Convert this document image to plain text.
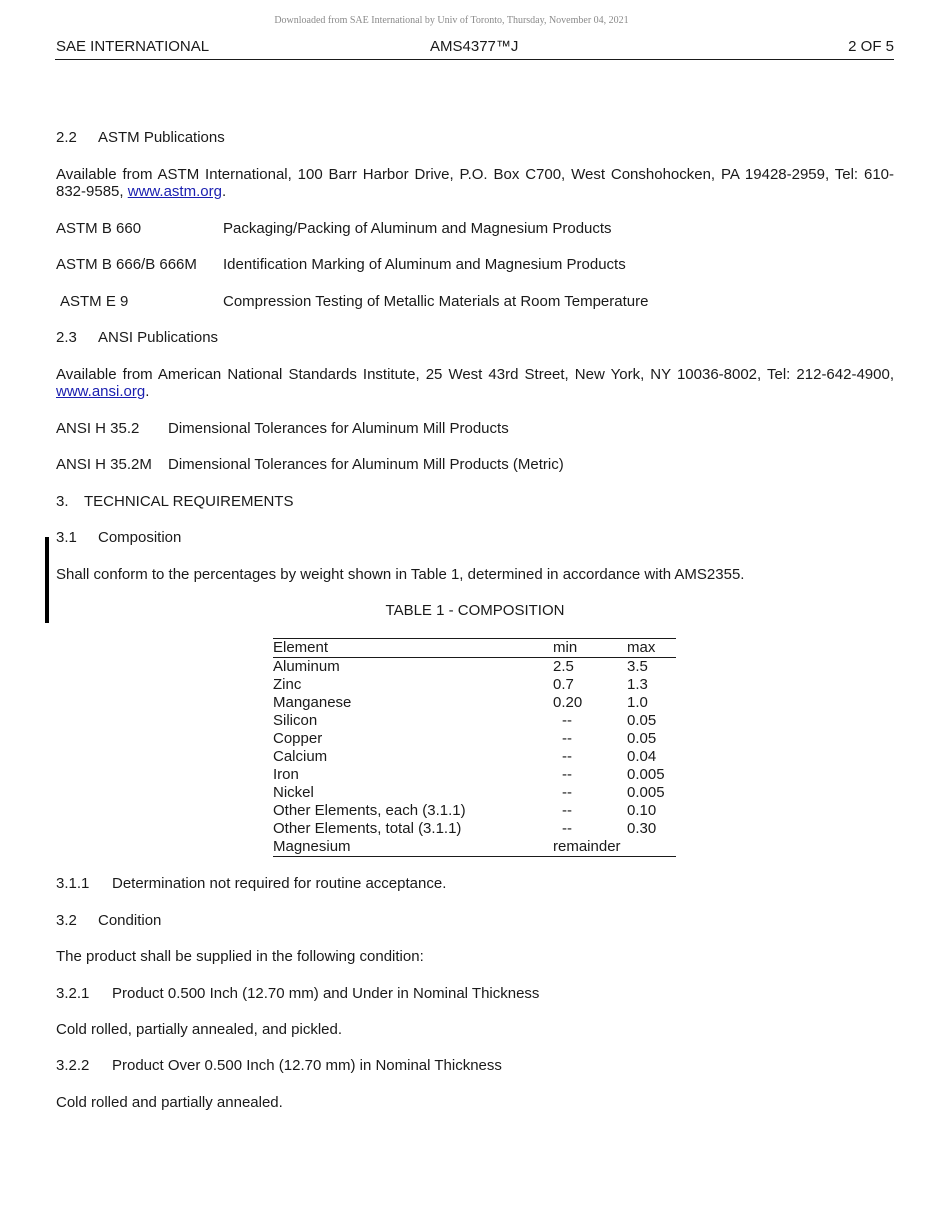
Downloaded from SAE International by Univ of Toronto, Thursday, November 04, 2021
SAE INTERNATIONAL	AMS4377™J	2 OF 5
2.2 ASTM Publications
Available from ASTM International, 100 Barr Harbor Drive, P.O. Box C700, West Conshohocken, PA 19428-2959, Tel: 610-832-9585, www.astm.org.
ASTM B 660	Packaging/Packing of Aluminum and Magnesium Products
ASTM B 666/B 666M Identification Marking of Aluminum and Magnesium Products
ASTM E 9	Compression Testing of Metallic Materials at Room Temperature
2.3 ANSI Publications
Available from American National Standards Institute, 25 West 43rd Street, New York, NY 10036-8002, Tel: 212-642-4900, www.ansi.org.
ANSI H 35.2 Dimensional Tolerances for Aluminum Mill Products
ANSI H 35.2M Dimensional Tolerances for Aluminum Mill Products (Metric)
3. TECHNICAL REQUIREMENTS
3.1 Composition
Shall conform to the percentages by weight shown in Table 1, determined in accordance with AMS2355.
TABLE 1 - COMPOSITION
Element	min	max
Aluminum	2.5	3.5
Zinc	0.7	1.3
Manganese	0.20	1.0
Silicon	--	0.05
Copper	--	0.05
Calcium	--	0.04
Iron	--	0.005
Nickel	--	0.005
Other Elements, each (3.1.1)	--	0.10
Other Elements, total (3.1.1)	--	0.30
Magnesium	remainder	
3.1.1 Determination not required for routine acceptance.
3.2 Condition
The product shall be supplied in the following condition:
3.2.1 Product 0.500 Inch (12.70 mm) and Under in Nominal Thickness
Cold rolled, partially annealed, and pickled.
3.2.2 Product Over 0.500 Inch (12.70 mm) in Nominal Thickness
Cold rolled and partially annealed.
